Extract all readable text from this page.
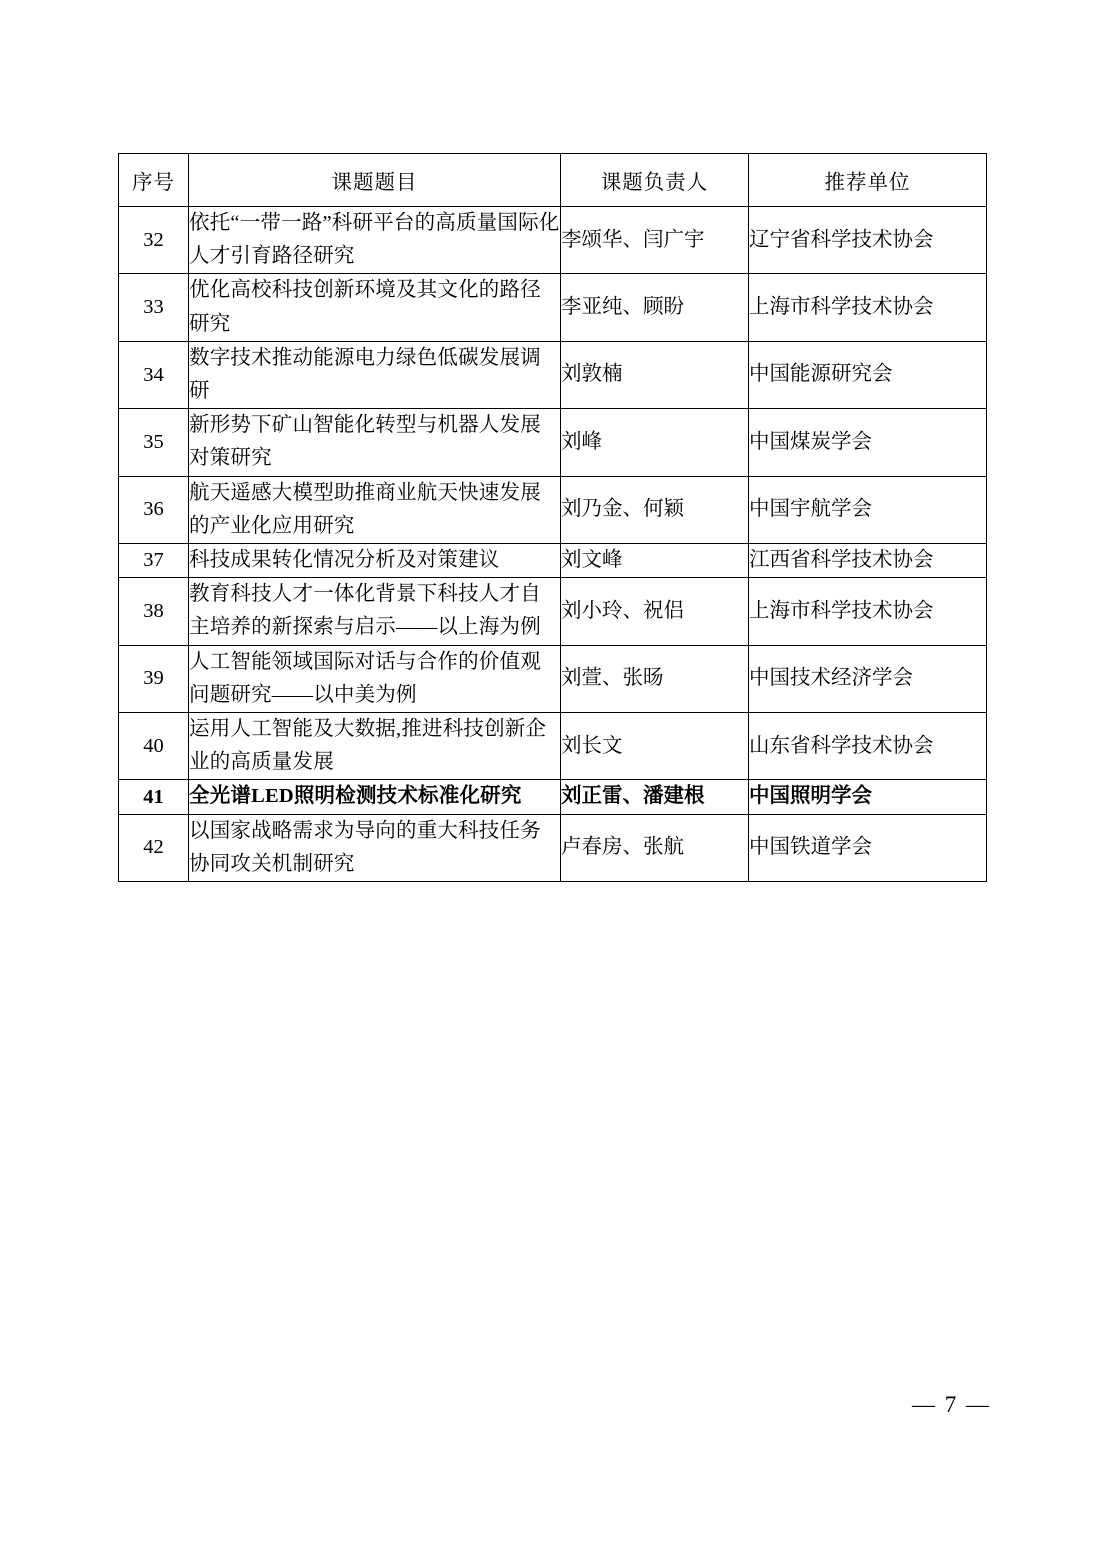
序号	课题题目	课题负责人	推荐单位
32	依托“一带一路”科研平台的高质量国际化人才引育路径研究	李颂华、闫广宇	辽宁省科学技术协会
33	优化高校科技创新环境及其文化的路径研究	李亚纯、顾盼	上海市科学技术协会
34	数字技术推动能源电力绿色低碳发展调研	刘敦楠	中国能源研究会
35	新形势下矿山智能化转型与机器人发展对策研究	刘峰	中国煤炭学会
36	航天遥感大模型助推商业航天快速发展的产业化应用研究	刘乃金、何颖	中国宇航学会
37	科技成果转化情况分析及对策建议	刘文峰	江西省科学技术协会
38	教育科技人才一体化背景下科技人才自主培养的新探索与启示——以上海为例	刘小玲、祝侣	上海市科学技术协会
39	人工智能领域国际对话与合作的价值观问题研究——以中美为例	刘萱、张旸	中国技术经济学会
40	运用人工智能及大数据,推进科技创新企业的高质量发展	刘长文	山东省科学技术协会
41	全光谱LED照明检测技术标准化研究	刘正雷、潘建根	中国照明学会
42	以国家战略需求为导向的重大科技任务协同攻关机制研究	卢春房、张航	中国铁道学会
— 7 —
